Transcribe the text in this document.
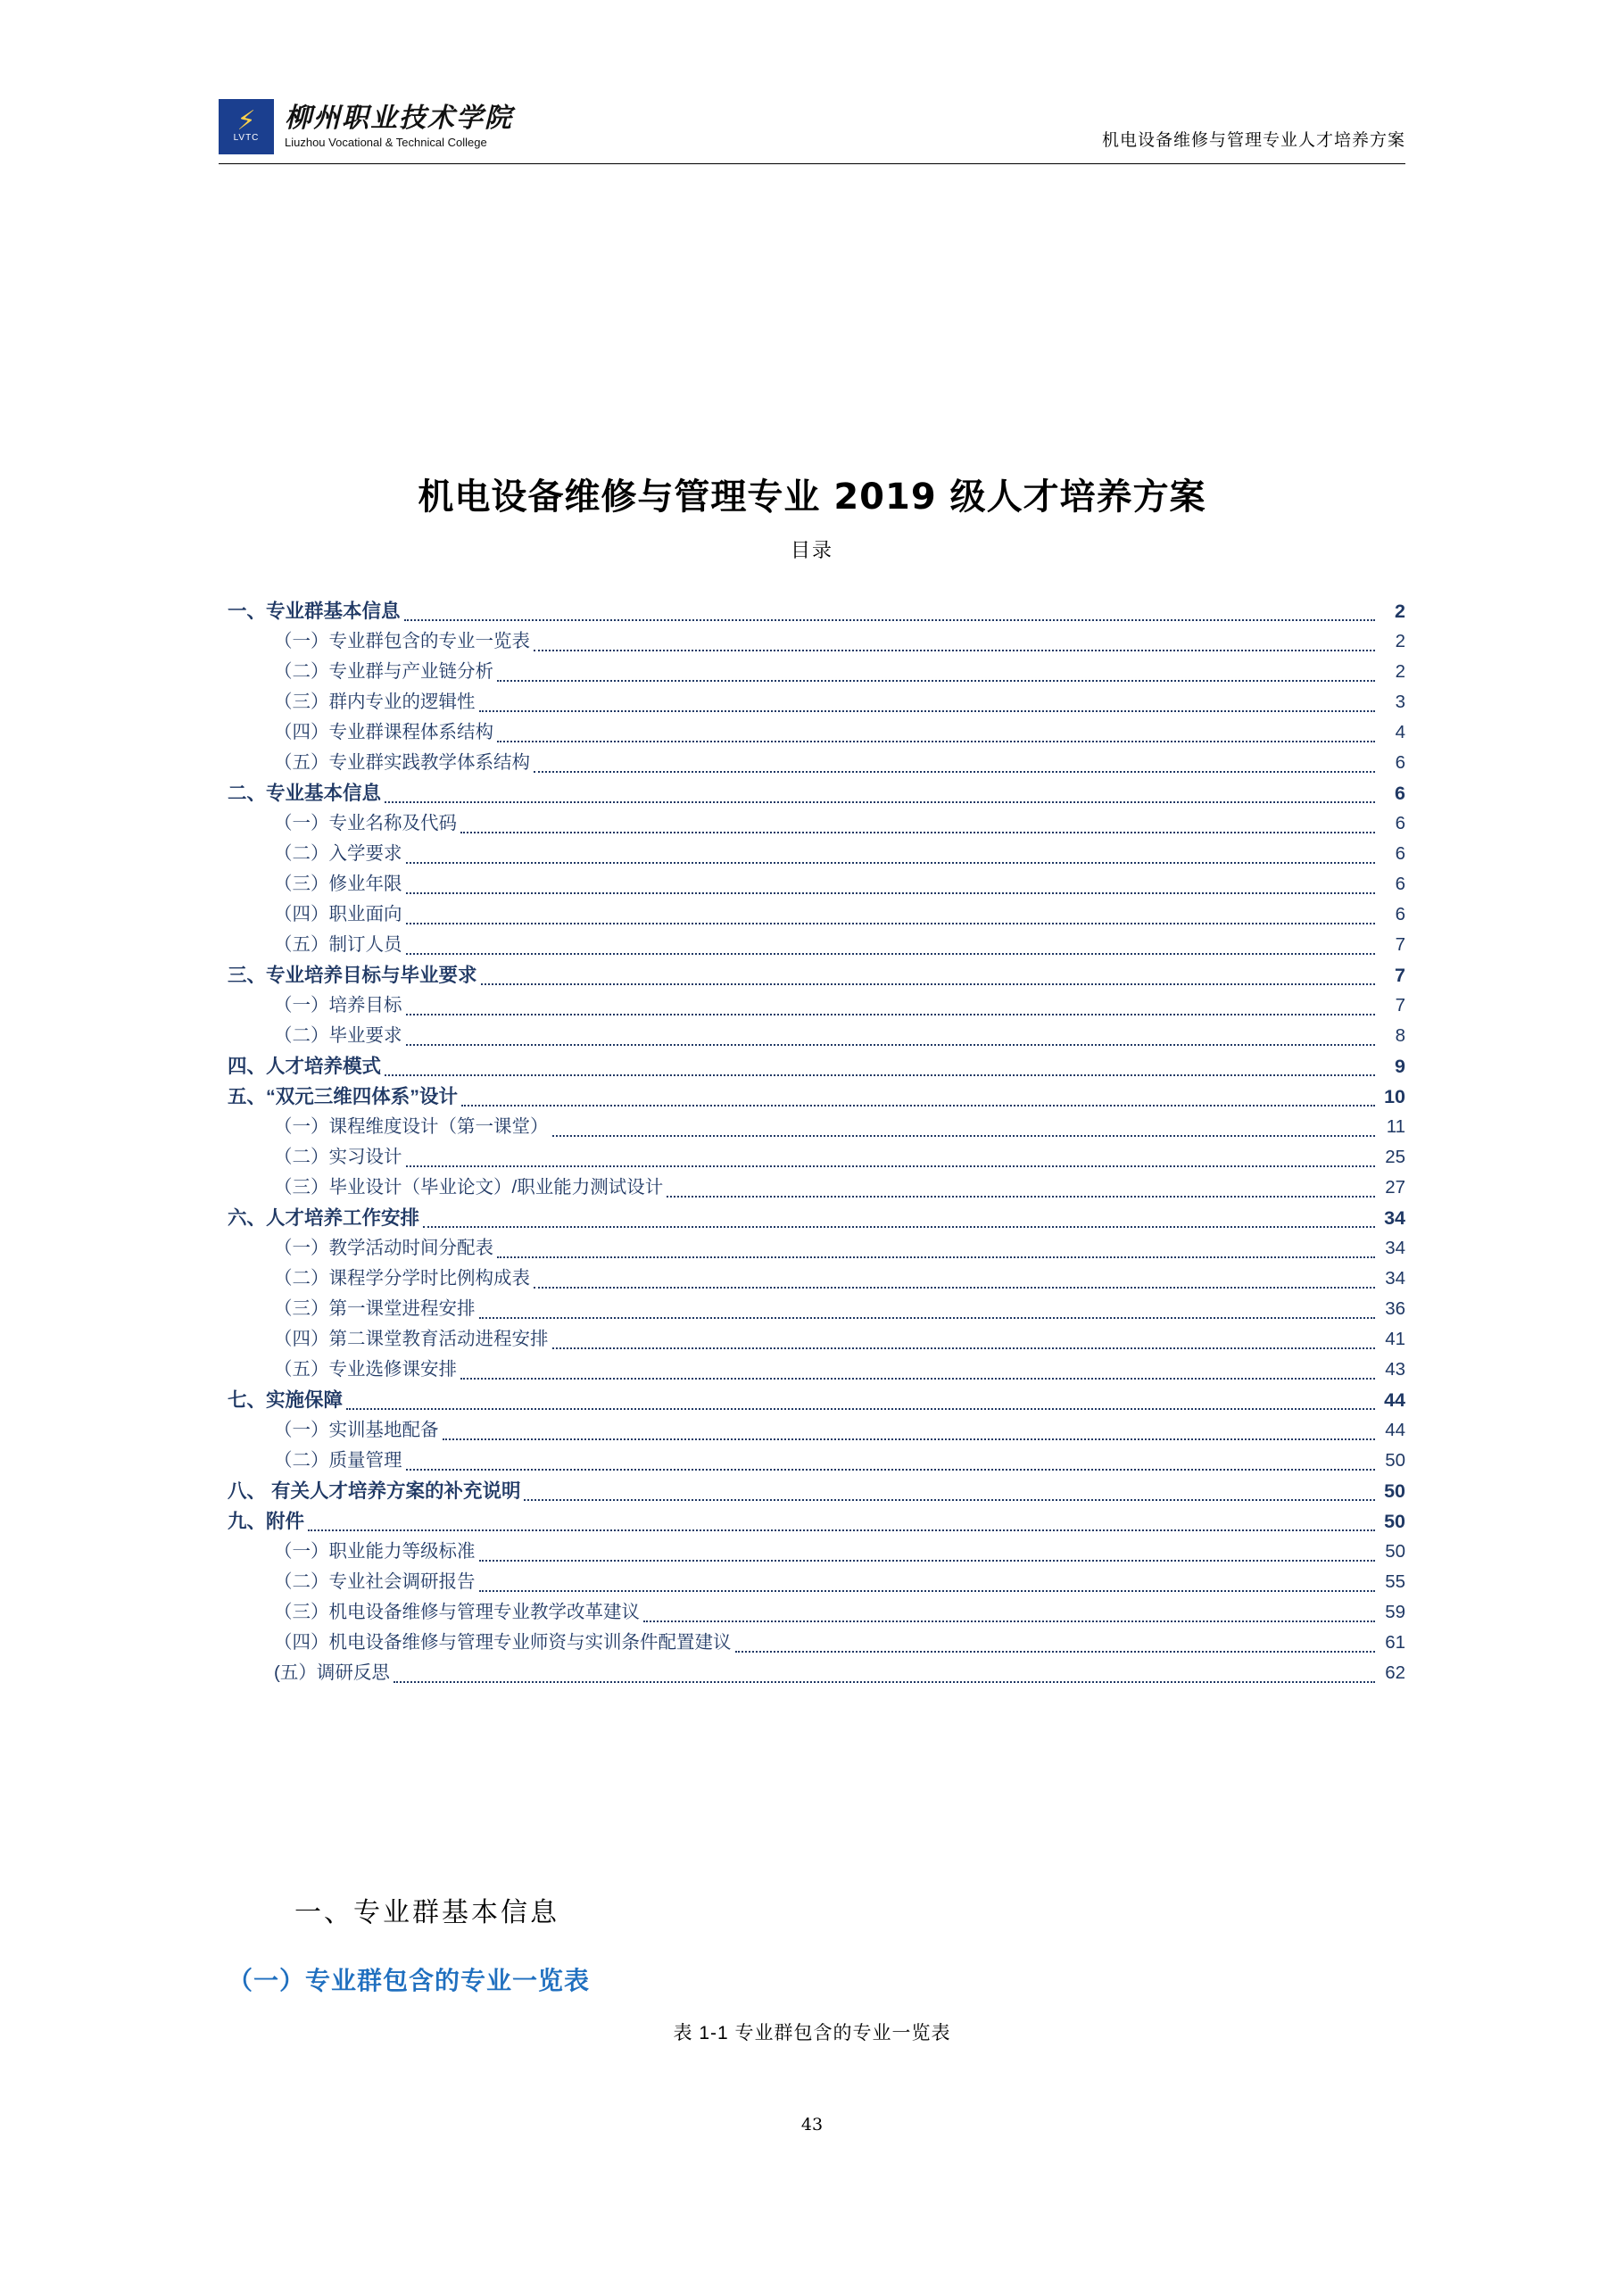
⚡
LVTC
柳州职业技术学院
Liuzhou Vocational & Technical College	机电设备维修与管理专业人才培养方案
机电设备维修与管理专业 2019 级人才培养方案
目录
一、专业群基本信息	2
（一）专业群包含的专业一览表	2
（二）专业群与产业链分析	2
（三）群内专业的逻辑性	3
（四）专业群课程体系结构	4
（五）专业群实践教学体系结构	6
二、专业基本信息	6
（一）专业名称及代码	6
（二）入学要求	6
（三）修业年限	6
（四）职业面向	6
（五）制订人员	7
三、专业培养目标与毕业要求	7
（一）培养目标	7
（二）毕业要求	8
四、人才培养模式	9
五、“双元三维四体系”设计	10
（一）课程维度设计（第一课堂）	11
（二）实习设计	25
（三）毕业设计（毕业论文）/职业能力测试设计	27
六、人才培养工作安排	34
（一）教学活动时间分配表	34
（二）课程学分学时比例构成表	34
（三）第一课堂进程安排	36
（四）第二课堂教育活动进程安排	41
（五）专业选修课安排	43
七、实施保障	44
（一）实训基地配备	44
（二）质量管理	50
八、 有关人才培养方案的补充说明	50
九、附件	50
（一）职业能力等级标准	50
（二）专业社会调研报告	55
（三）机电设备维修与管理专业教学改革建议	59
（四）机电设备维修与管理专业师资与实训条件配置建议	61
(五）调研反思	62
一、专业群基本信息
（一）专业群包含的专业一览表
表 1-1 专业群包含的专业一览表
43
